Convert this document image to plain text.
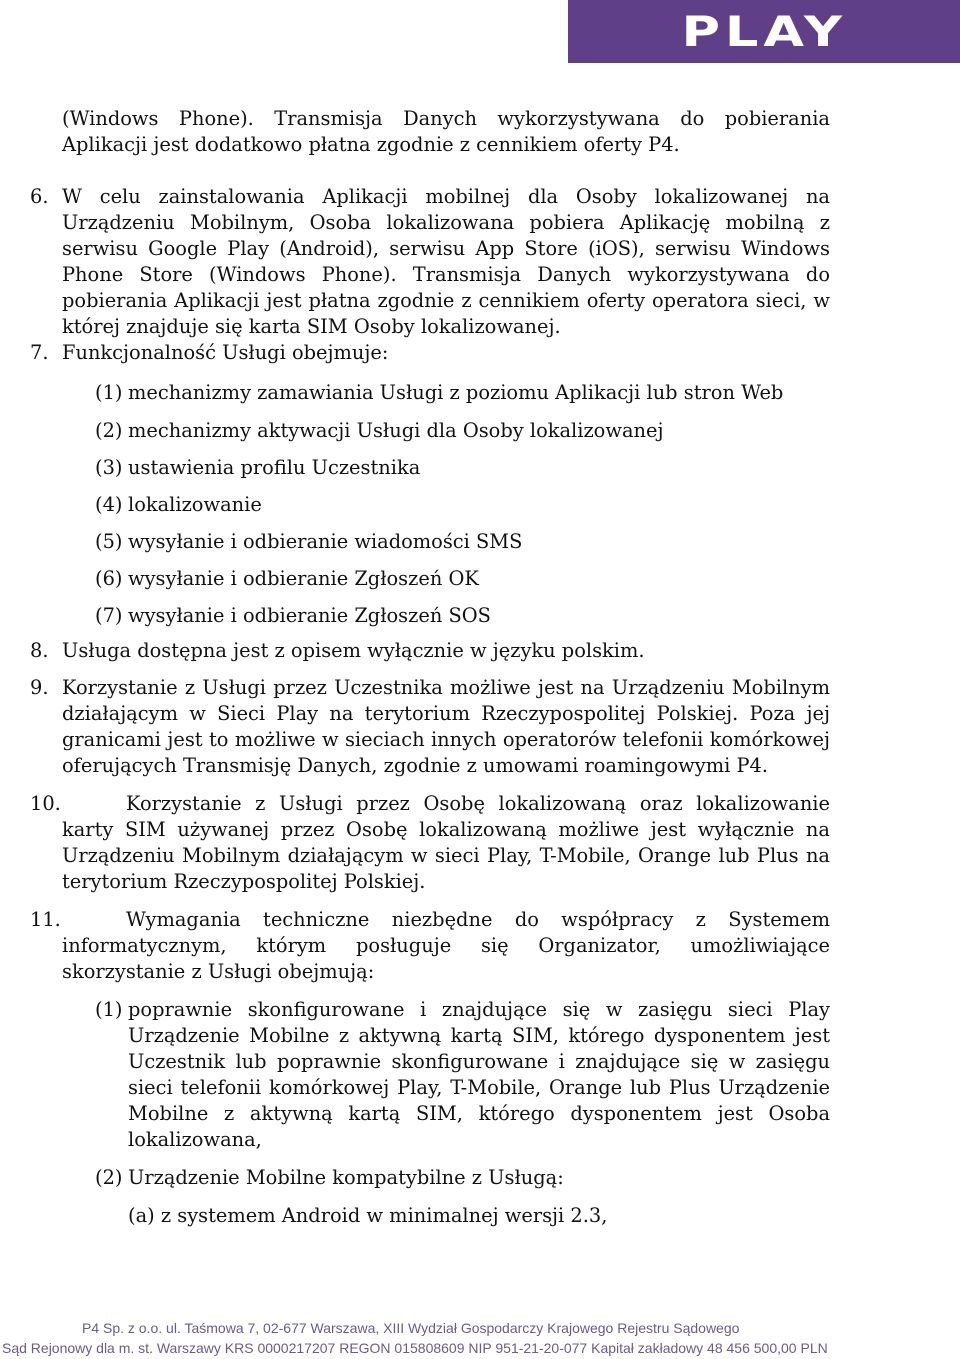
PLAY

(Windows Phone). Transmisja Danych wykorzystywana do pobierania Aplikacji jest dodatkowo płatna zgodnie z cennikiem oferty P4.

6. W celu zainstalowania Aplikacji mobilnej dla Osoby lokalizowanej na Urządzeniu Mobilnym, Osoba lokalizowana pobiera Aplikację mobilną z serwisu Google Play (Android), serwisu App Store (iOS), serwisu Windows Phone Store (Windows Phone). Transmisja Danych wykorzystywana do pobierania Aplikacji jest płatna zgodnie z cennikiem oferty operatora sieci, w której znajduje się karta SIM Osoby lokalizowanej.

7. Funkcjonalność Usługi obejmuje:

(1) mechanizmy zamawiania Usługi z poziomu Aplikacji lub stron Web

(2) mechanizmy aktywacji Usługi dla Osoby lokalizowanej

(3) ustawienia profilu Uczestnika

(4) lokalizowanie

(5) wysyłanie i odbieranie wiadomości SMS

(6) wysyłanie i odbieranie Zgłoszeń OK

(7) wysyłanie i odbieranie Zgłoszeń SOS

8. Usługa dostępna jest z opisem wyłącznie w języku polskim.

9. Korzystanie z Usługi przez Uczestnika możliwe jest na Urządzeniu Mobilnym działającym w Sieci Play na terytorium Rzeczypospolitej Polskiej. Poza jej granicami jest to możliwe w sieciach innych operatorów telefonii komórkowej oferujących Transmisję Danych, zgodnie z umowami roamingowymi P4.

10.	Korzystanie z Usługi przez Osobę lokalizowaną oraz lokalizowanie karty SIM używanej przez Osobę lokalizowaną możliwe jest wyłącznie na Urządzeniu Mobilnym działającym w sieci Play, T-Mobile, Orange lub Plus na terytorium Rzeczypospolitej Polskiej.

11.	Wymagania techniczne niezbędne do współpracy z Systemem informatycznym, którym posługuje się Organizator, umożliwiające skorzystanie z Usługi obejmują:

(1) poprawnie skonfigurowane i znajdujące się w zasięgu sieci Play Urządzenie Mobilne z aktywną kartą SIM, którego dysponentem jest Uczestnik lub poprawnie skonfigurowane i znajdujące się w zasięgu sieci telefonii komórkowej Play, T-Mobile, Orange lub Plus Urządzenie Mobilne z aktywną kartą SIM, którego dysponentem jest Osoba lokalizowana,

(2) Urządzenie Mobilne kompatybilne z Usługą:

(a) z systemem Android w minimalnej wersji 2.3,

P4 Sp. z o.o. ul. Taśmowa 7, 02-677 Warszawa, XIII Wydział Gospodarczy Krajowego Rejestru Sądowego
Sąd Rejonowy dla m. st. Warszawy KRS 0000217207 REGON 015808609 NIP 951-21-20-077 Kapitał zakładowy 48 456 500,00 PLN
